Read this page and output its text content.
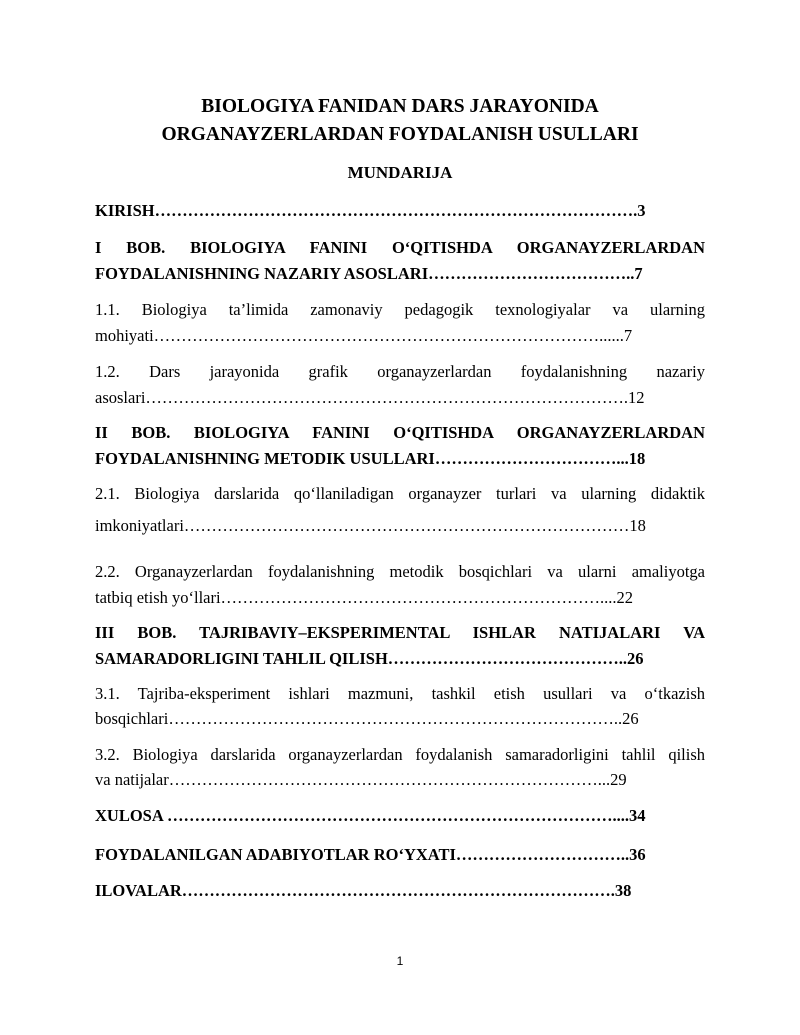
BIOLOGIYA FANIDAN DARS JARAYONIDA
ORGANAYZERLARDAN FOYDALANISH USULLARI
MUNDARIJA
KIRISH…………………………………………………………………………….3
I BOB. BIOLOGIYA FANINI O‘QITISHDA ORGANAYZERLARDAN
FOYDALANISHNING NAZARIY ASOSLARI………………………………..7
1.1. Biologiya ta’limida zamonaviy pedagogik texnologiyalar va ularning
mohiyati………………………………………………………………………......7
1.2. Dars jarayonida grafik organayzerlardan foydalanishning nazariy
asoslari…………………………………………………………………………….12
II BOB. BIOLOGIYA FANINI O‘QITISHDA ORGANAYZERLARDAN
FOYDALANISHNING METODIK USULLARI……………………………...18
2.1. Biologiya darslarida qo‘llaniladigan organayzer turlari va ularning didaktik
imkoniyatlari………………………………………………………………………18
2.2. Organayzerlardan foydalanishning metodik bosqichlari va ularni amaliyotga
tatbiq etish yo‘llari……………………………………………………………....22
III BOB. TAJRIBAVIY–EKSPERIMENTAL ISHLAR NATIJALARI VA
SAMARADORLIGINI TAHLIL QILISH……………………………………..26
3.1. Tajriba-eksperiment ishlari mazmuni, tashkil etish usullari va o‘tkazish
bosqichlari………………………………………………………………………..26
3.2. Biologiya darslarida organayzerlardan foydalanish samaradorligini tahlil qilish
va natijalar……………………………………………………………………...29
XULOSA ………………………………………………………………………....34
FOYDALANILGAN ADABIYOTLAR RO‘YXATI…………………………..36
ILOVALAR…………………………………………………………………….38
1
